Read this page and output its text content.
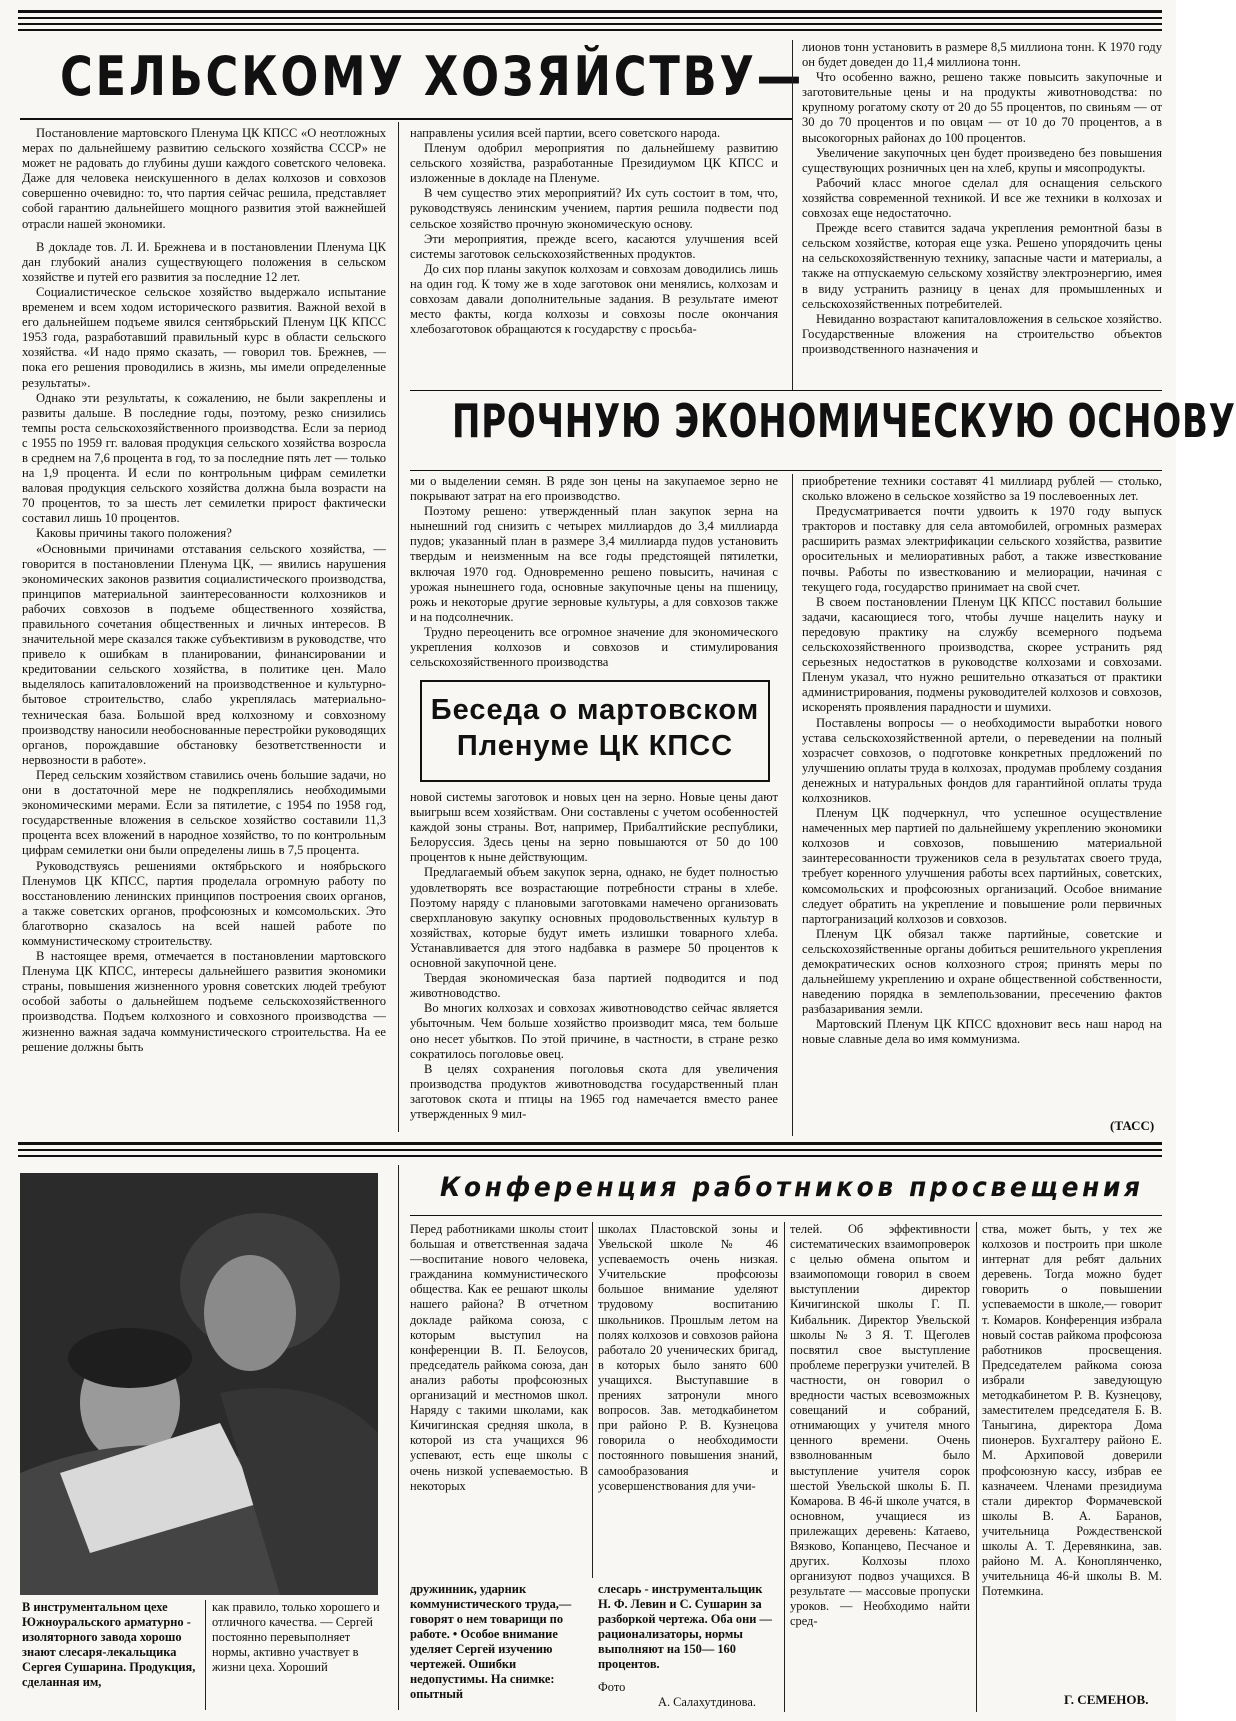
СЕЛЬСКОМУ ХОЗЯЙСТВУ—

Постановление мартовского Пленума ЦК КПСС «О неотложных мерах по дальнейшему развитию сельского хозяйства СССР» не может не радовать до глубины души каждого советского человека. Даже для человека неискушенного в делах колхозов и совхозов совершенно очевидно: то, что партия сейчас решила, представляет собой гарантию дальнейшего мощного развития этой важнейшей отрасли нашей экономики.

В докладе тов. Л. И. Брежнева и в постановлении Пленума ЦК дан глубокий анализ существующего положения в сельском хозяйстве и путей его развития за последние 12 лет.

Социалистическое сельское хозяйство выдержало испытание временем и всем ходом исторического развития. Важной вехой в его дальнейшем подъеме явился сентябрьский Пленум ЦК КПСС 1953 года, разработавший правильный курс в области сельского хозяйства. «И надо прямо сказать, — говорил тов. Брежнев, — пока его решения проводились в жизнь, мы имели определенные результаты».

Однако эти результаты, к сожалению, не были закреплены и развиты дальше. В последние годы, поэтому, резко снизились темпы роста сельскохозяйственного производства. Если за период с 1955 по 1959 гг. валовая продукция сельского хозяйства возросла в среднем на 7,6 процента в год, то за последние пять лет — только на 1,9 процента. И если по контрольным цифрам семилетки валовая продукция сельского хозяйства должна была возрасти на 70 процентов, то за шесть лет семилетки прирост фактически составил лишь 10 процентов.

Каковы причины такого положения?

«Основными причинами отставания сельского хозяйства, — говорится в постановлении Пленума ЦК, — явились нарушения экономических законов развития социалистического производства, принципов материальной заинтересованности колхозников и рабочих совхозов в подъеме общественного хозяйства, правильного сочетания общественных и личных интересов. В значительной мере сказался также субъективизм в руководстве, что привело к ошибкам в планировании, финансировании и кредитовании сельского хозяйства, в политике цен. Мало выделялось капиталовложений на производственное и культурно-бытовое строительство, слабо укреплялась материально-техническая база. Большой вред колхозному и совхозному производству наносили необоснованные перестройки руководящих органов, порождавшие обстановку безответственности и нервозности в работе».

Перед сельским хозяйством ставились очень большие задачи, но они в достаточной мере не подкреплялись необходимыми экономическими мерами. Если за пятилетие, с 1954 по 1958 год, государственные вложения в сельское хозяйство составили 11,3 процента всех вложений в народное хозяйство, то по контрольным цифрам семилетки они были определены лишь в 7,5 процента.

Руководствуясь решениями октябрьского и ноябрьского Пленумов ЦК КПСС, партия проделала огромную работу по восстановлению ленинских принципов построения своих органов, а также советских органов, профсоюзных и комсомольских. Это благотворно сказалось на всей нашей работе по коммунистическому строительству.

В настоящее время, отмечается в постановлении мартовского Пленума ЦК КПСС, интересы дальнейшего развития экономики страны, повышения жизненного уровня советских людей требуют особой заботы о дальнейшем подъеме сельскохозяйственного производства. Подъем колхозного и совхозного производства — жизненно важная задача коммунистического строительства. На ее решение должны быть

направлены усилия всей партии, всего советского народа.

Пленум одобрил мероприятия по дальнейшему развитию сельского хозяйства, разработанные Президиумом ЦК КПСС и изложенные в докладе на Пленуме.

В чем существо этих мероприятий? Их суть состоит в том, что, руководствуясь ленинским учением, партия решила подвести под сельское хозяйство прочную экономическую основу.

Эти мероприятия, прежде всего, касаются улучшения всей системы заготовок сельскохозяйственных продуктов.

До сих пор планы закупок колхозам и совхозам доводились лишь на один год. К тому же в ходе заготовок они менялись, колхозам и совхозам давали дополнительные задания. В результате имеют место факты, когда колхозы и совхозы после окончания хлебозаготовок обращаются к государству с просьба-

лионов тонн установить в размере 8,5 миллиона тонн. К 1970 году он будет доведен до 11,4 миллиона тонн.

Что особенно важно, решено также повысить закупочные и заготовительные цены и на продукты животноводства: по крупному рогатому скоту от 20 до 55 процентов, по свиньям — от 30 до 70 процентов и по овцам — от 10 до 70 процентов, а в высокогорных районах до 100 процентов.

Увеличение закупочных цен будет произведено без повышения существующих розничных цен на хлеб, крупы и мясопродукты.

Рабочий класс многое сделал для оснащения сельского хозяйства современной техникой. И все же техники в колхозах и совхозах еще недостаточно.

Прежде всего ставится задача укрепления ремонтной базы в сельском хозяйстве, которая еще узка. Решено упорядочить цены на сельскохозяйственную технику, запасные части и материалы, а также на отпускаемую сельскому хозяйству электроэнергию, имея в виду устранить разницу в ценах для промышленных и сельскохозяйственных потребителей.

Невиданно возрастают капиталовложения в сельское хозяйство. Государственные вложения на строительство объектов производственного назначения и

ПРОЧНУЮ ЭКОНОМИЧЕСКУЮ ОСНОВУ

ми о выделении семян. В ряде зон цены на закупаемое зерно не покрывают затрат на его производство.

Поэтому решено: утвержденный план закупок зерна на нынешний год снизить с четырех миллиардов до 3,4 миллиарда пудов; указанный план в размере 3,4 миллиарда пудов установить твердым и неизменным на все годы предстоящей пятилетки, включая 1970 год. Одновременно решено повысить, начиная с урожая нынешнего года, основные закупочные цены на пшеницу, рожь и некоторые другие зерновые культуры, а для совхозов также и на подсолнечник.

Трудно переоценить все огромное значение для экономического укрепления колхозов и совхозов и стимулирования сельскохозяйственного производства

Беседа о мартовском Пленуме ЦК КПСС

новой системы заготовок и новых цен на зерно. Новые цены дают выигрыш всем хозяйствам. Они составлены с учетом особенностей каждой зоны страны. Вот, например, Прибалтийские республики, Белоруссия. Здесь цены на зерно повышаются от 50 до 100 процентов к ныне действующим.

Предлагаемый объем закупок зерна, однако, не будет полностью удовлетворять все возрастающие потребности страны в хлебе. Поэтому наряду с плановыми заготовками намечено организовать сверхплановую закупку основных продовольственных культур в хозяйствах, которые будут иметь излишки товарного хлеба. Устанавливается для этого надбавка в размере 50 процентов к основной закупочной цене.

Твердая экономическая база партией подводится и под животноводство.

Во многих колхозах и совхозах животноводство сейчас является убыточным. Чем больше хозяйство производит мяса, тем больше оно несет убытков. По этой причине, в частности, в стране резко сократилось поголовье овец.

В целях сохранения поголовья скота для увеличения производства продуктов животноводства государственный план заготовок скота и птицы на 1965 год намечается вместо ранее утвержденных 9 мил-

приобретение техники составят 41 миллиард рублей — столько, сколько вложено в сельское хозяйство за 19 послевоенных лет.

Предусматривается почти удвоить к 1970 году выпуск тракторов и поставку для села автомобилей, огромных размерах расширить размах электрификации сельского хозяйства, развитие оросительных и мелиоративных работ, а также известкование почвы. Работы по известкованию и мелиорации, начиная с текущего года, государство принимает на свой счет.

В своем постановлении Пленум ЦК КПСС поставил большие задачи, касающиеся того, чтобы лучше нацелить науку и передовую практику на службу всемерного подъема сельскохозяйственного производства, скорее устранить ряд серьезных недостатков в руководстве колхозами и совхозами. Пленум указал, что нужно решительно отказаться от практики администрирования, подмены руководителей колхозов и совхозов, искоренять проявления парадности и шумихи.

Поставлены вопросы — о необходимости выработки нового устава сельскохозяйственной артели, о переведении на полный хозрасчет совхозов, о подготовке конкретных предложений по улучшению оплаты труда в колхозах, продумав проблему создания денежных и натуральных фондов для гарантийной оплаты труда колхозников.

Пленум ЦК подчеркнул, что успешное осуществление намеченных мер партией по дальнейшему укреплению экономики колхозов и совхозов, повышению материальной заинтересованности тружеников села в результатах своего труда, требует коренного улучшения работы всех партийных, советских, комсомольских и профсоюзных организаций. Особое внимание следует обратить на укрепление и повышение роли первичных партогранизаций колхозов и совхозов.

Пленум ЦК обязал также партийные, советские и сельскохозяйственные органы добиться решительного укрепления демократических основ колхозного строя; принять меры по дальнейшему укреплению и охране общественной собственности, наведению порядка в землепользовании, пресечению фактов разбазаривания земли.

Мартовский Пленум ЦК КПСС вдохновит весь наш народ на новые славные дела во имя коммунизма.

(ТАСС)
В инструментальном цехе Южноуральского арматурно - изоляторного завода хорошо знают слесаря-лекальщика Сергея Сушарина. Продукция, сделанная им,
как правило, только хорошего и отличного качества. — Сергей постоянно перевыполняет нормы, активно участвует в жизни цеха. Хороший
дружинник, ударник коммунистического труда,— говорят о нем товарищи по работе. • Особое внимание уделяет Сергей изучению чертежей. Ошибки недопустимы. На снимке: опытный
слесарь - инструментальщик Н. Ф. Левин и С. Сушарин за разборкой чертежа. Оба они — рационализаторы, нормы выполняют на 150— 160 процентов.
Фото
А. Салахутдинова.
Конференция работников просвещения
Перед работниками школы стоит большая и ответственная задача—воспитание нового человека, гражданина коммунистического общества. Как ее решают школы нашего района? В отчетном докладе райкома союза, с которым выступил на конференции В. П. Белоусов, председатель райкома союза, дан анализ работы профсоюзных организаций и местномов школ. Наряду с такими школами, как Кичигинская средняя школа, в которой из ста учащихся 96 успевают, есть еще школы с очень низкой успеваемостью. В некоторых
школах Пластовской зоны и Увельской школе № 46 успеваемость очень низкая. Учительские профсоюзы большое внимание уделяют трудовому воспитанию школьников. Прошлым летом на полях колхозов и совхозов района работало 20 ученических бригад, в которых было занято 600 учащихся. Выступавшие в прениях затронули много вопросов. Зав. методкабинетом при районо Р. В. Кузнецова говорила о необходимости постоянного повышения знаний, самообразования и усовершенствования для учи-
телей. Об эффективности систематических взаимопроверок с целью обмена опытом и взаимопомощи говорил в своем выступлении директор Кичигинской школы Г. П. Кибальник. Директор Увельской школы № 3 Я. Т. Щеголев посвятил свое выступление проблеме перегрузки учителей. В частности, он говорил о вредности частых всевозможных совещаний и собраний, отнимающих у учителя много ценного времени. Очень взволнованным было выступление учителя сорок шестой Увельской школы Б. П. Комарова. В 46-й школе учатся, в основном, учащиеся из прилежащих деревень: Катаево, Вязково, Копанцево, Песчаное и других. Колхозы плохо организуют подвоз учащихся. В результате — массовые пропуски уроков. — Необходимо найти сред-
ства, может быть, у тех же колхозов и построить при школе интернат для ребят дальних деревень. Тогда можно будет говорить о повышении успеваемости в школе,— говорит т. Комаров. Конференция избрала новый состав райкома профсоюза работников просвещения. Председателем райкома союза избрали заведующую методкабинетом Р. В. Кузнецову, заместителем председателя Б. В. Таныгина, директора Дома пионеров. Бухгалтеру районо Е. М. Архиповой доверили профсоюзную кассу, избрав ее казначеем. Членами президиума стали директор Формачевской школы В. А. Баранов, учительница Рождественской школы А. Т. Деревянкина, зав. районо М. А. Коноплянченко, учительница 46-й школы В. М. Потемкина.
Г. СЕМЕНОВ.
